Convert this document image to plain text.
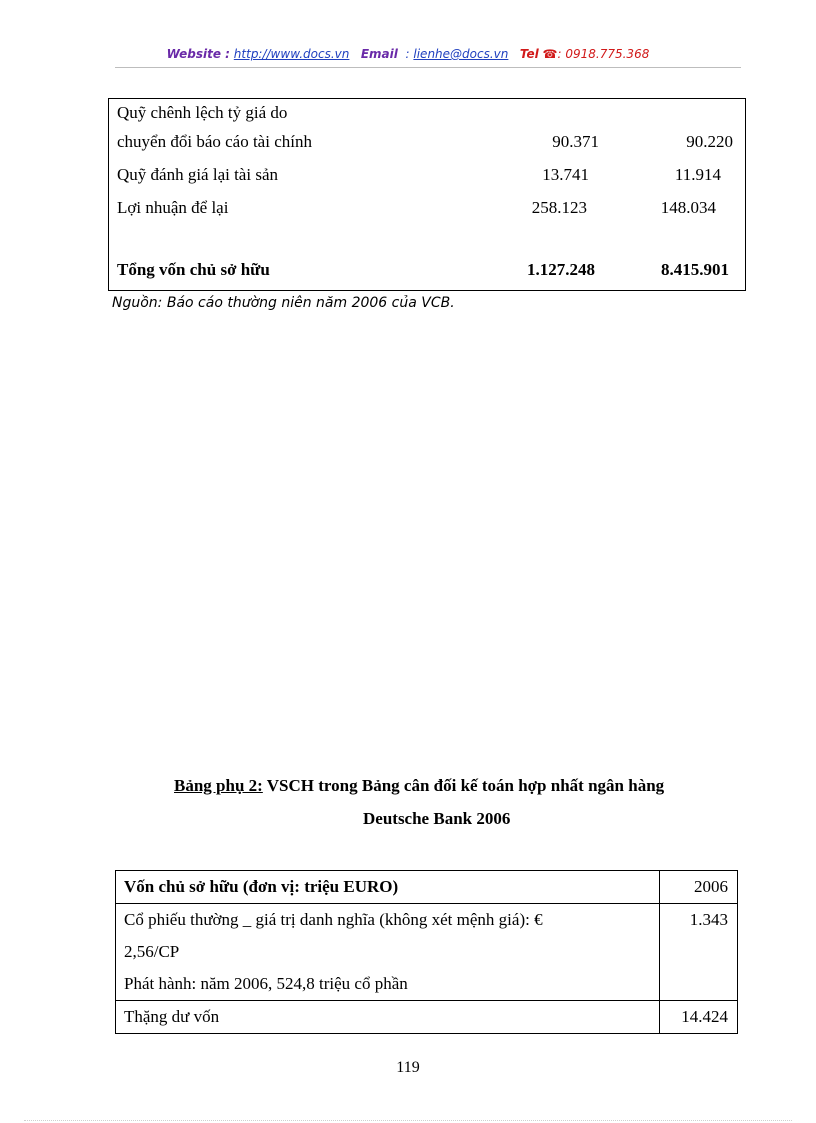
Website : http://www.docs.vn Email : lienhe@docs.vn Tel ☎: 0918.775.368
Quỹ chênh lệch tỷ giá do
chuyển đổi báo cáo tài chính	90.371	90.220
Quỹ đánh giá lại tài sản	13.741	11.914
Lợi nhuận để lại	258.123	148.034
Tổng vốn chủ sở hữu	1.127.248	8.415.901
Nguồn: Báo cáo thường niên năm 2006 của VCB.
Bảng phụ 2: VSCH trong Bảng cân đối kế toán hợp nhất ngân hàng
Deutsche Bank 2006
Vốn chủ sở hữu (đơn vị: triệu EURO)	2006

Cổ phiếu thường _ giá trị danh nghĩa (không xét mệnh giá): €
2,56/CP
Phát hành: năm 2006, 524,8 triệu cổ phần	1.343

Thặng dư vốn	14.424
119
